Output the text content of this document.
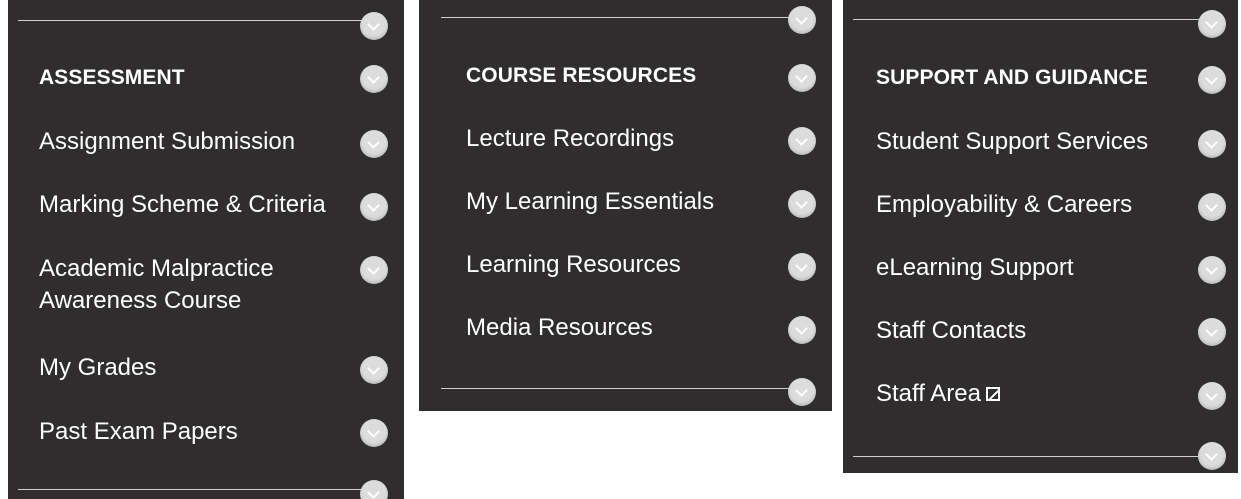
ASSESSMENT
Assignment Submission
Marking Scheme & Criteria
Academic Malpractice
Awareness Course
My Grades
Past Exam Papers
COURSE RESOURCES
Lecture Recordings
My Learning Essentials
Learning Resources
Media Resources
SUPPORT AND GUIDANCE
Student Support Services
Employability & Careers
eLearning Support
Staff Contacts
Staff Area
